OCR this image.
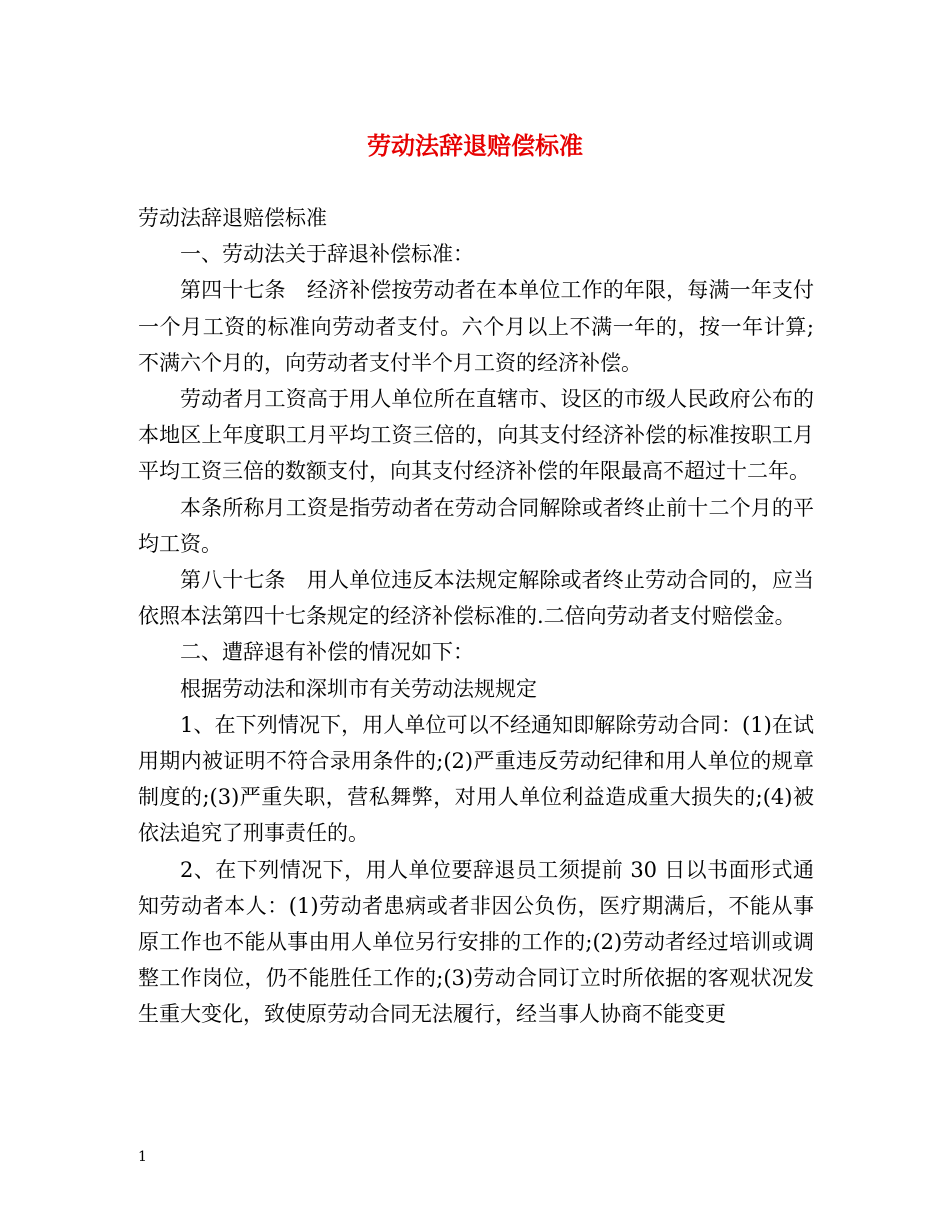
劳动法辞退赔偿标准

劳动法辞退赔偿标准

一、劳动法关于辞退补偿标准：

第四十七条　经济补偿按劳动者在本单位工作的年限，每满一年支付一个月工资的标准向劳动者支付。六个月以上不满一年的，按一年计算;不满六个月的，向劳动者支付半个月工资的经济补偿。

劳动者月工资高于用人单位所在直辖市、设区的市级人民政府公布的本地区上年度职工月平均工资三倍的，向其支付经济补偿的标准按职工月平均工资三倍的数额支付，向其支付经济补偿的年限最高不超过十二年。

本条所称月工资是指劳动者在劳动合同解除或者终止前十二个月的平均工资。

第八十七条　用人单位违反本法规定解除或者终止劳动合同的，应当依照本法第四十七条规定的经济补偿标准的.二倍向劳动者支付赔偿金。

二、遭辞退有补偿的情况如下：

根据劳动法和深圳市有关劳动法规规定

1、在下列情况下，用人单位可以不经通知即解除劳动合同：(1)在试用期内被证明不符合录用条件的;(2)严重违反劳动纪律和用人单位的规章制度的;(3)严重失职，营私舞弊，对用人单位利益造成重大损失的;(4)被依法追究了刑事责任的。

2、在下列情况下，用人单位要辞退员工须提前 30 日以书面形式通知劳动者本人：(1)劳动者患病或者非因公负伤，医疗期满后，不能从事原工作也不能从事由用人单位另行安排的工作的;(2)劳动者经过培训或调整工作岗位，仍不能胜任工作的;(3)劳动合同订立时所依据的客观状况发生重大变化，致使原劳动合同无法履行，经当事人协商不能变更

1
